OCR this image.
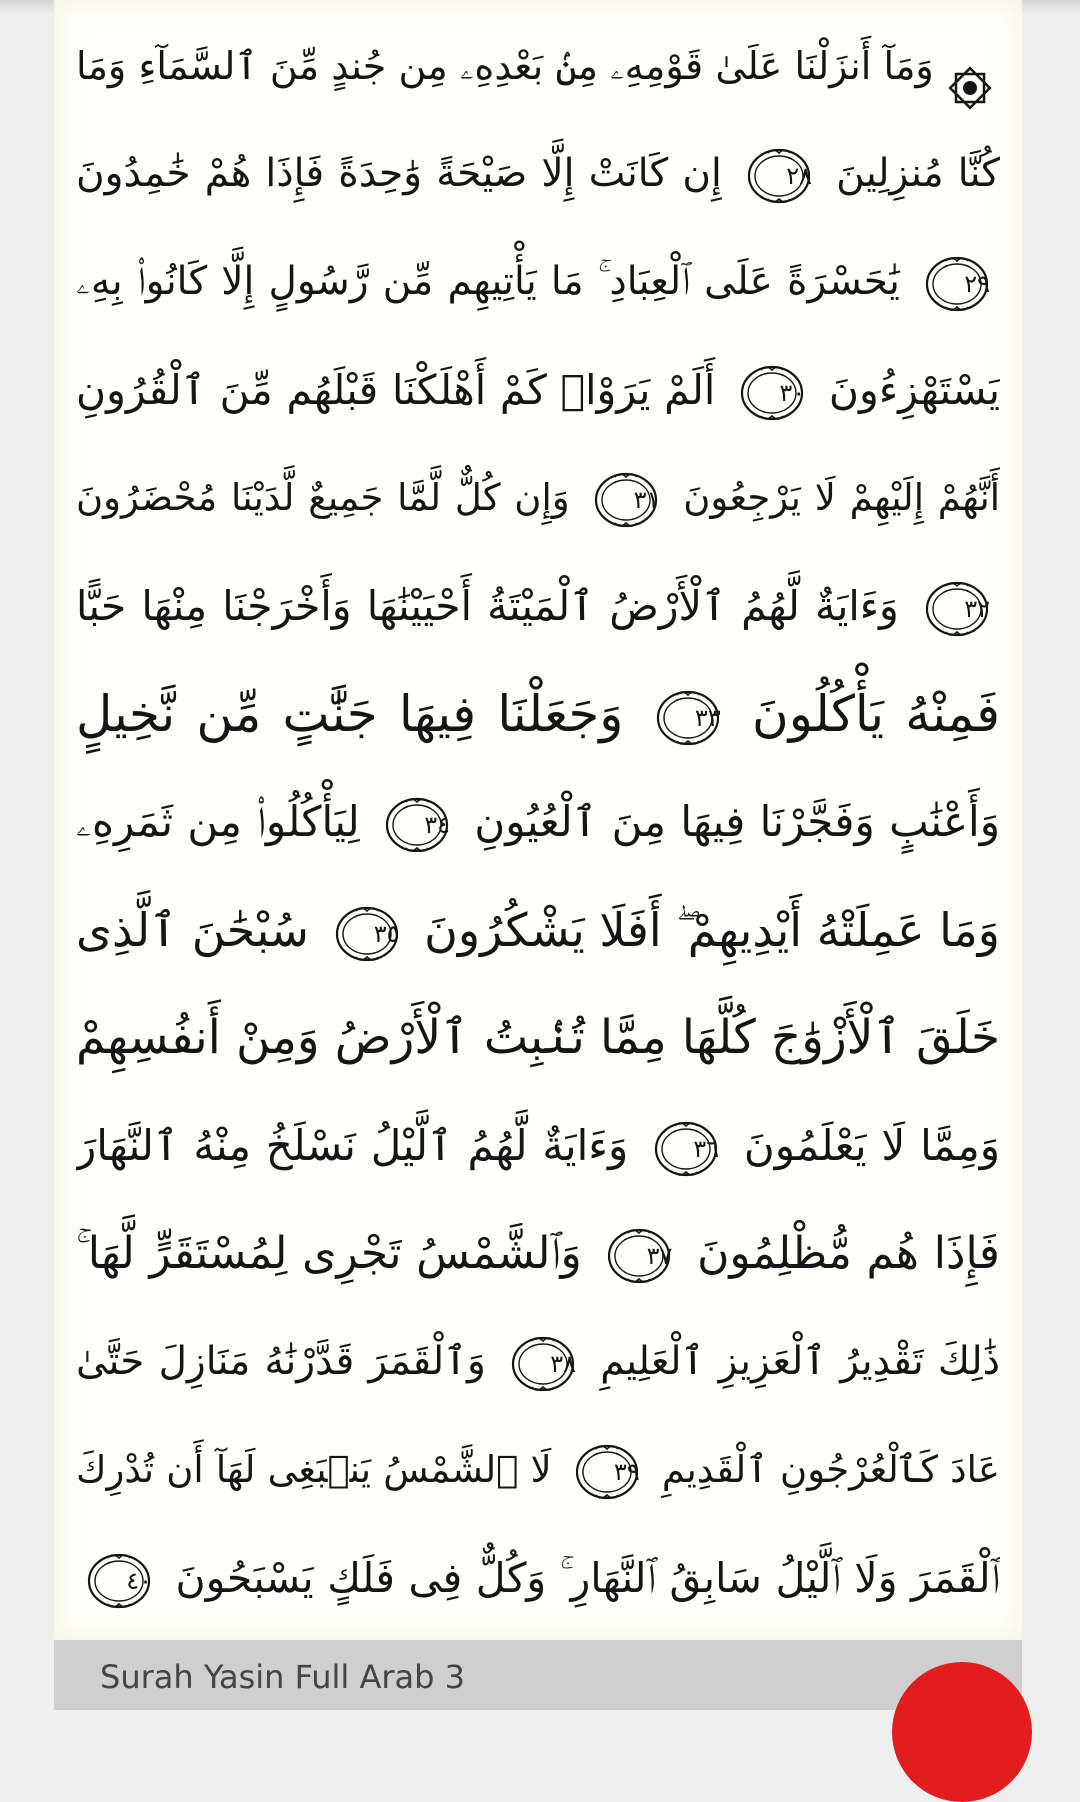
وَمَآ أَنزَلْنَا عَلَىٰ قَوْمِهِۦ مِنۢ بَعْدِهِۦ مِن جُندٍ مِّنَ ٱلسَّمَآءِ وَمَا
كُنَّا مُنزِلِينَ
٢٨
إِن كَانَتْ إِلَّا صَيْحَةً وَٰحِدَةً فَإِذَا هُمْ خَٰمِدُونَ
٢٩
يَٰحَسْرَةً عَلَى ٱلْعِبَادِ ۚ مَا يَأْتِيهِم مِّن رَّسُولٍ إِلَّا كَانُوا۟ بِهِۦ
يَسْتَهْزِءُونَ
٣٠
أَلَمْ يَرَوْا۟ كَمْ أَهْلَكْنَا قَبْلَهُم مِّنَ ٱلْقُرُونِ
أَنَّهُمْ إِلَيْهِمْ لَا يَرْجِعُونَ
٣١
وَإِن كُلٌّ لَّمَّا جَمِيعٌ لَّدَيْنَا مُحْضَرُونَ
٣٢
وَءَايَةٌ لَّهُمُ ٱلْأَرْضُ ٱلْمَيْتَةُ أَحْيَيْنَٰهَا وَأَخْرَجْنَا مِنْهَا حَبًّا
فَمِنْهُ يَأْكُلُونَ
٣٣
وَجَعَلْنَا فِيهَا جَنَّٰتٍ مِّن نَّخِيلٍ
وَأَعْنَٰبٍ وَفَجَّرْنَا فِيهَا مِنَ ٱلْعُيُونِ
٣٤
لِيَأْكُلُوا۟ مِن ثَمَرِهِۦ
وَمَا عَمِلَتْهُ أَيْدِيهِمْ ۖ أَفَلَا يَشْكُرُونَ
٣٥
سُبْحَٰنَ ٱلَّذِى
خَلَقَ ٱلْأَزْوَٰجَ كُلَّهَا مِمَّا تُنۢبِتُ ٱلْأَرْضُ وَمِنْ أَنفُسِهِمْ
وَمِمَّا لَا يَعْلَمُونَ
٣٦
وَءَايَةٌ لَّهُمُ ٱلَّيْلُ نَسْلَخُ مِنْهُ ٱلنَّهَارَ
فَإِذَا هُم مُّظْلِمُونَ
٣٧
وَٱلشَّمْسُ تَجْرِى لِمُسْتَقَرٍّ لَّهَا ۚ
ذَٰلِكَ تَقْدِيرُ ٱلْعَزِيزِ ٱلْعَلِيمِ
٣٨
وَٱلْقَمَرَ قَدَّرْنَٰهُ مَنَازِلَ حَتَّىٰ
عَادَ كَٱلْعُرْجُونِ ٱلْقَدِيمِ
٣٩
لَا ٱلشَّمْسُ يَنۢبَغِى لَهَآ أَن تُدْرِكَ
ٱلْقَمَرَ وَلَا ٱلَّيْلُ سَابِقُ ٱلنَّهَارِ ۚ وَكُلٌّ فِى فَلَكٍ يَسْبَحُونَ
٤٠
Surah Yasin Full Arab 3
